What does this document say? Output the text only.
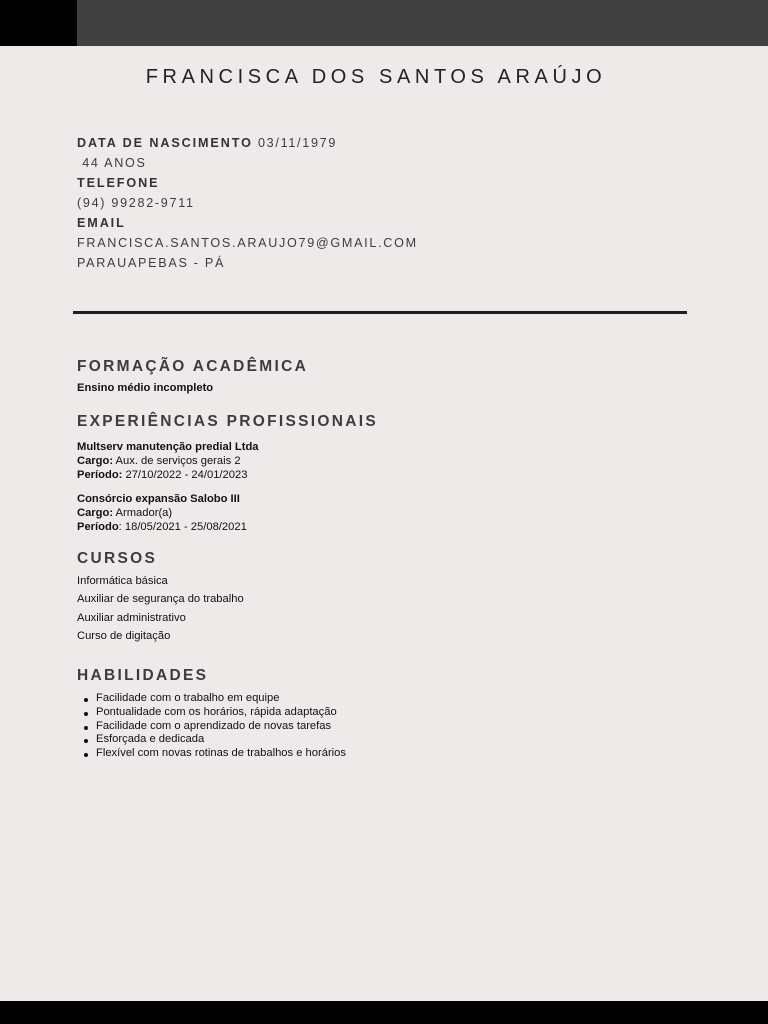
FRANCISCA DOS SANTOS ARAÚJO
DATA DE NASCIMENTO 03/11/1979
44 ANOS
TELEFONE
(94) 99282-9711
EMAIL
FRANCISCA.SANTOS.ARAUJO79@GMAIL.COM
PARAUAPEBAS - PÁ
FORMAÇÃO ACADÊMICA
Ensino médio incompleto
EXPERIÊNCIAS PROFISSIONAIS
Multserv manutenção predial Ltda
Cargo: Aux. de serviços gerais 2
Período: 27/10/2022 - 24/01/2023
Consórcio expansão Salobo III
Cargo: Armador(a)
Período: 18/05/2021 - 25/08/2021
CURSOS
Informática básica
Auxiliar de segurança do trabalho
Auxiliar administrativo
Curso de digitação
HABILIDADES
Facilidade com o trabalho em equipe
Pontualidade com os horários, rápida adaptação
Facilidade com o aprendizado de novas tarefas
Esforçada e dedicada
Flexível com novas rotinas de trabalhos e horários
